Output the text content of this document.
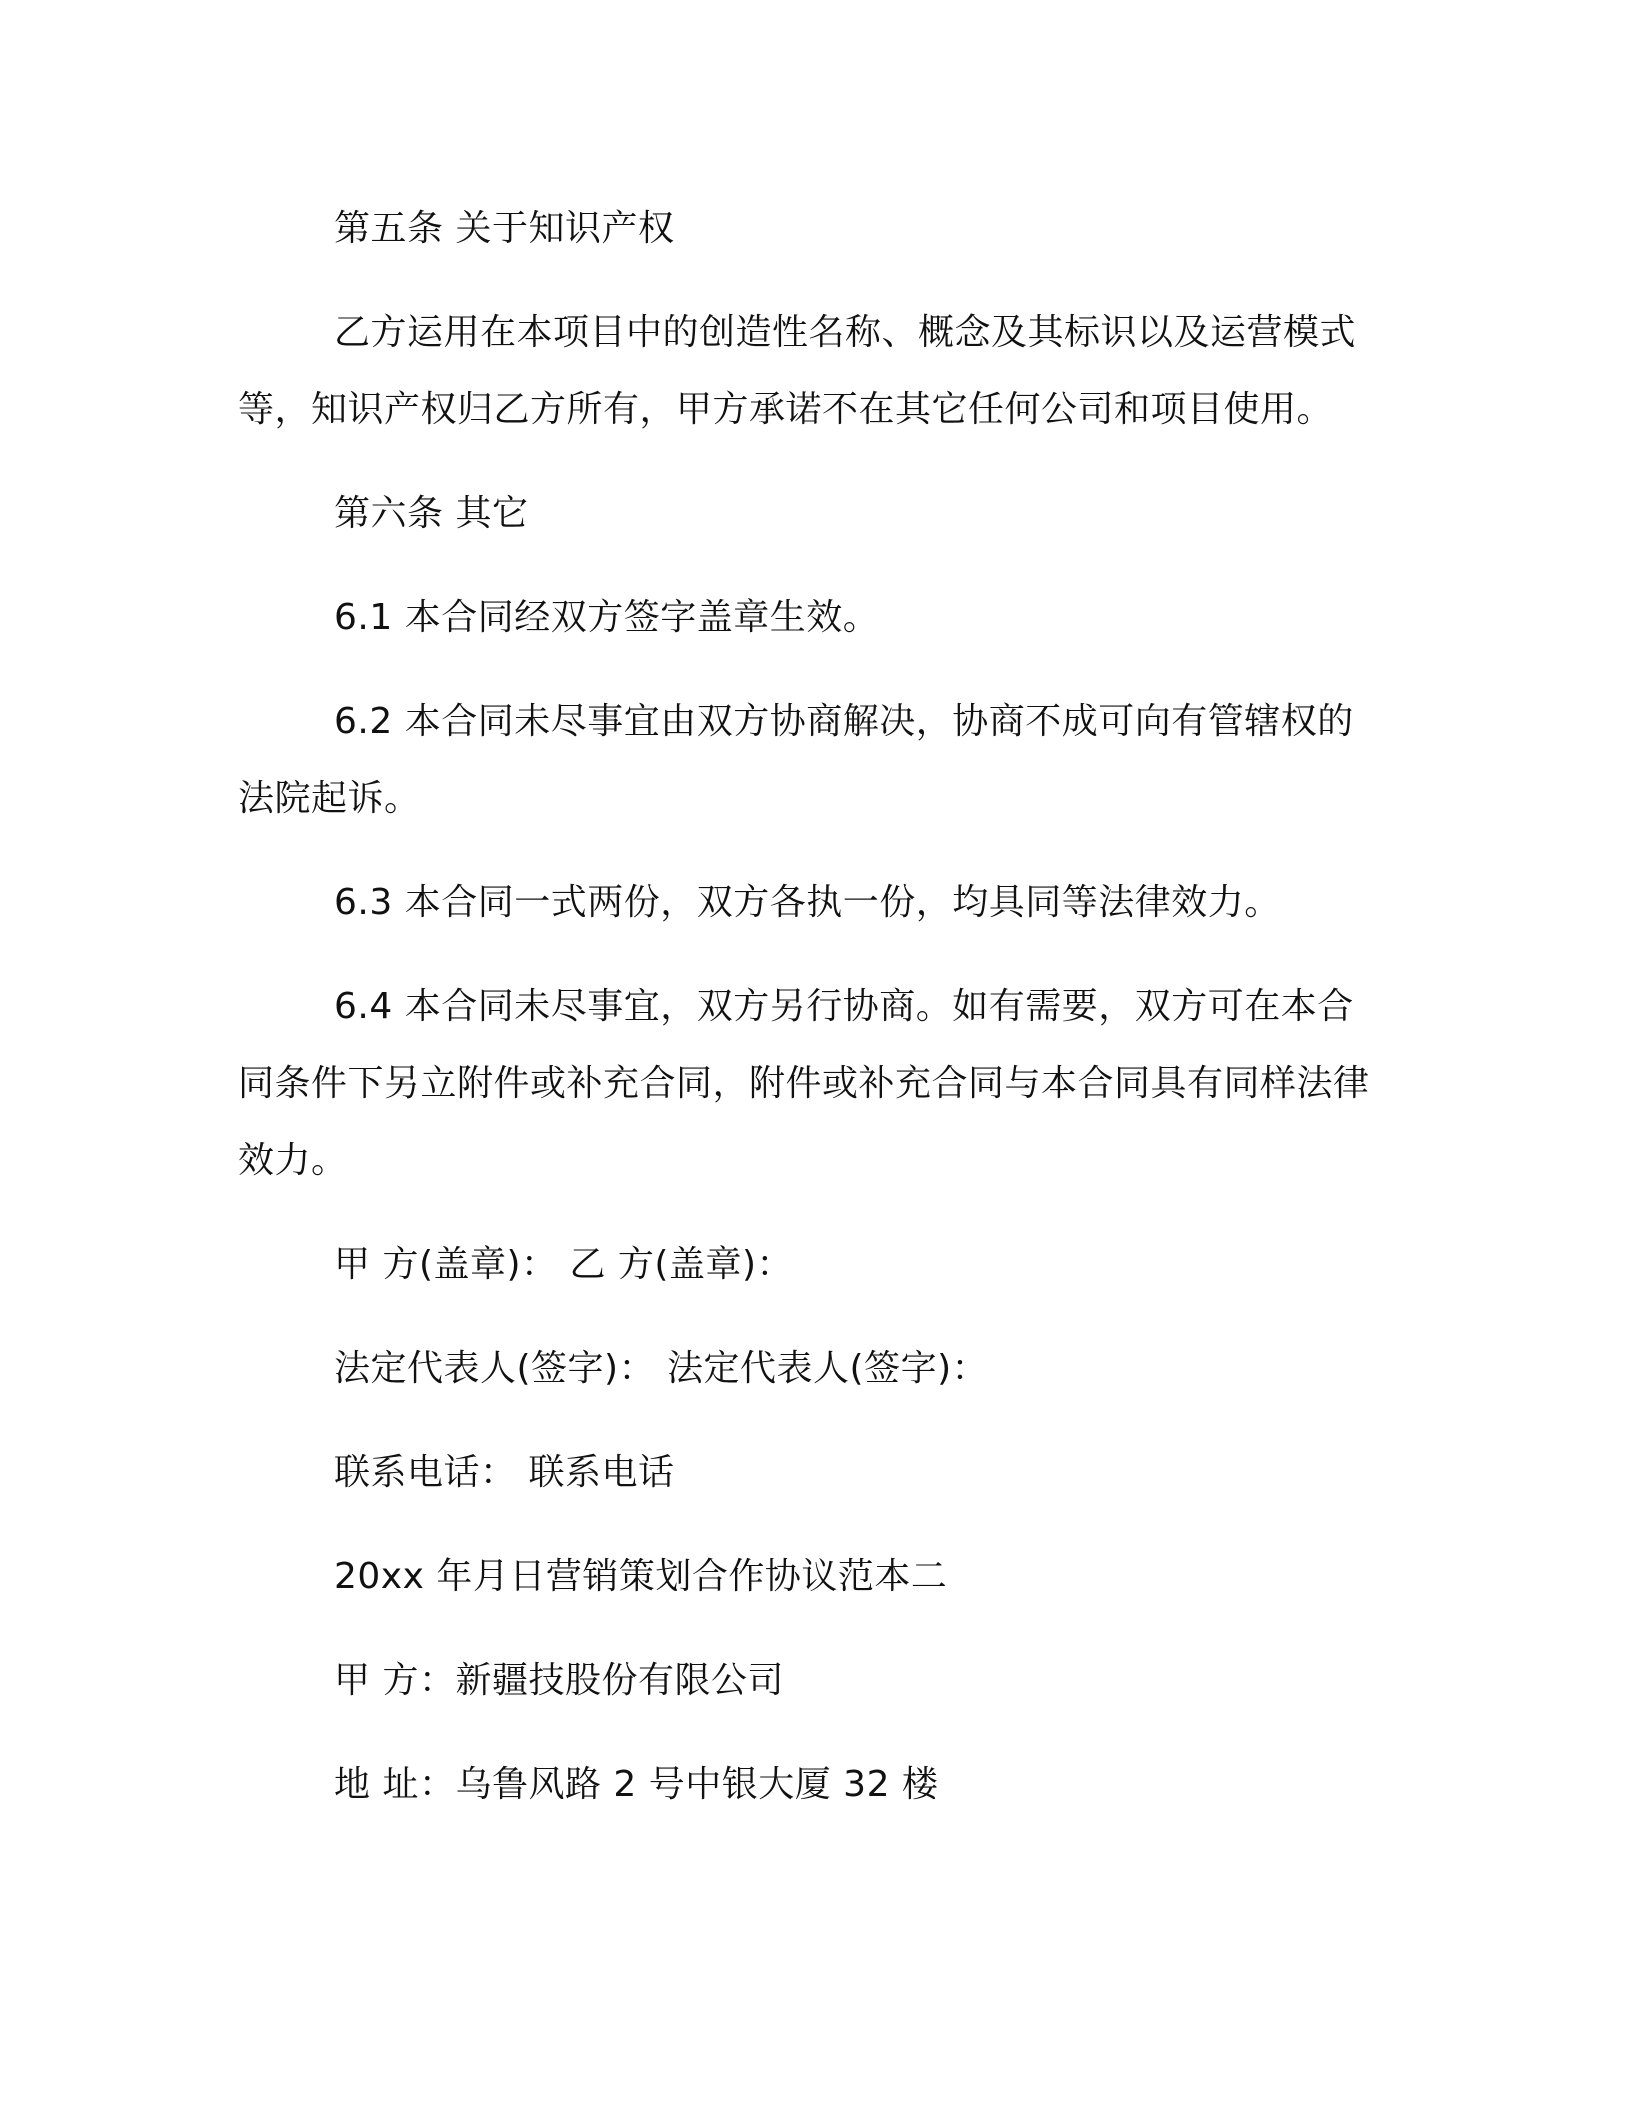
第五条 关于知识产权

乙方运用在本项目中的创造性名称、概念及其标识以及运营模式等，知识产权归乙方所有，甲方承诺不在其它任何公司和项目使用。

第六条 其它

6.1 本合同经双方签字盖章生效。

6.2 本合同未尽事宜由双方协商解决，协商不成可向有管辖权的法院起诉。

6.3 本合同一式两份，双方各执一份，均具同等法律效力。

6.4 本合同未尽事宜，双方另行协商。如有需要，双方可在本合同条件下另立附件或补充合同，附件或补充合同与本合同具有同样法律效力。

甲 方(盖章)： 乙 方(盖章)：

法定代表人(签字)： 法定代表人(签字)：

联系电话： 联系电话

20xx 年月日营销策划合作协议范本二

甲 方：新疆技股份有限公司

地 址：乌鲁风路 2 号中银大厦 32 楼
